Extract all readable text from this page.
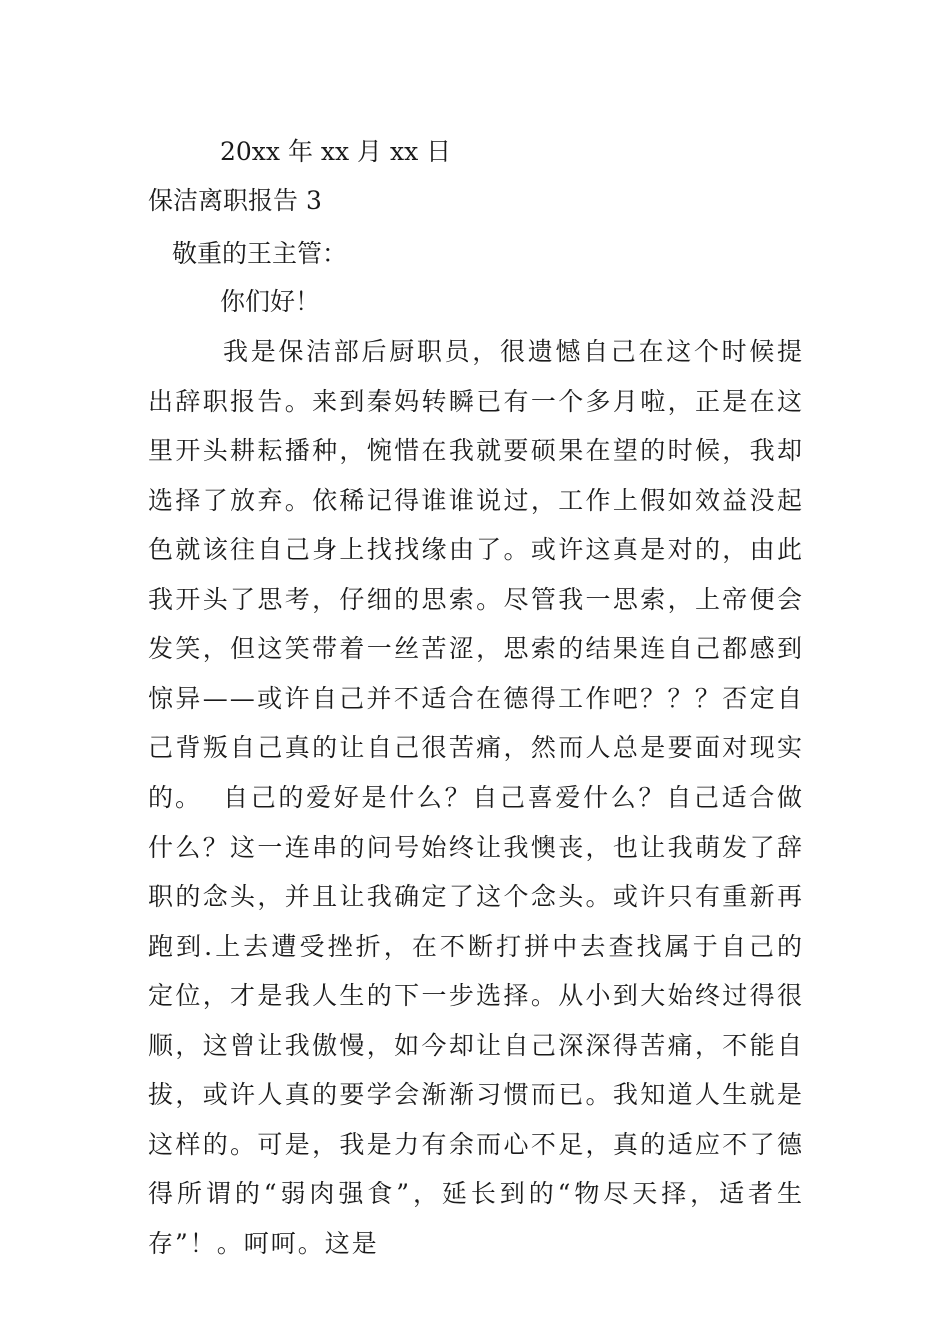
20xx 年 xx 月 xx 日
保洁离职报告 3
敬重的王主管：
你们好！
我是保洁部后厨职员，很遗憾自己在这个时候提出辞职报告。来到秦妈转瞬已有一个多月啦，正是在这里开头耕耘播种，惋惜在我就要硕果在望的时候，我却选择了放弃。依稀记得谁谁说过，工作上假如效益没起色就该往自己身上找找缘由了。或许这真是对的，由此我开头了思考，仔细的思索。尽管我一思索，上帝便会发笑，但这笑带着一丝苦涩，思索的结果连自己都感到惊异——或许自己并不适合在德得工作吧？？？否定自己背叛自己真的让自己很苦痛，然而人总是要面对现实的。 自己的爱好是什么？自己喜爱什么？自己适合做什么？这一连串的问号始终让我懊丧，也让我萌发了辞职的念头，并且让我确定了这个念头。或许只有重新再跑到.上去遭受挫折，在不断打拼中去查找属于自己的定位，才是我人生的下一步选择。从小到大始终过得很顺，这曾让我傲慢，如今却让自己深深得苦痛，不能自拔，或许人真的要学会渐渐习惯而已。我知道人生就是这样的。可是，我是力有余而心不足，真的适应不了德得所谓的“弱肉强食”，延长到的“物尽天择，适者生存”！。呵呵。这是
